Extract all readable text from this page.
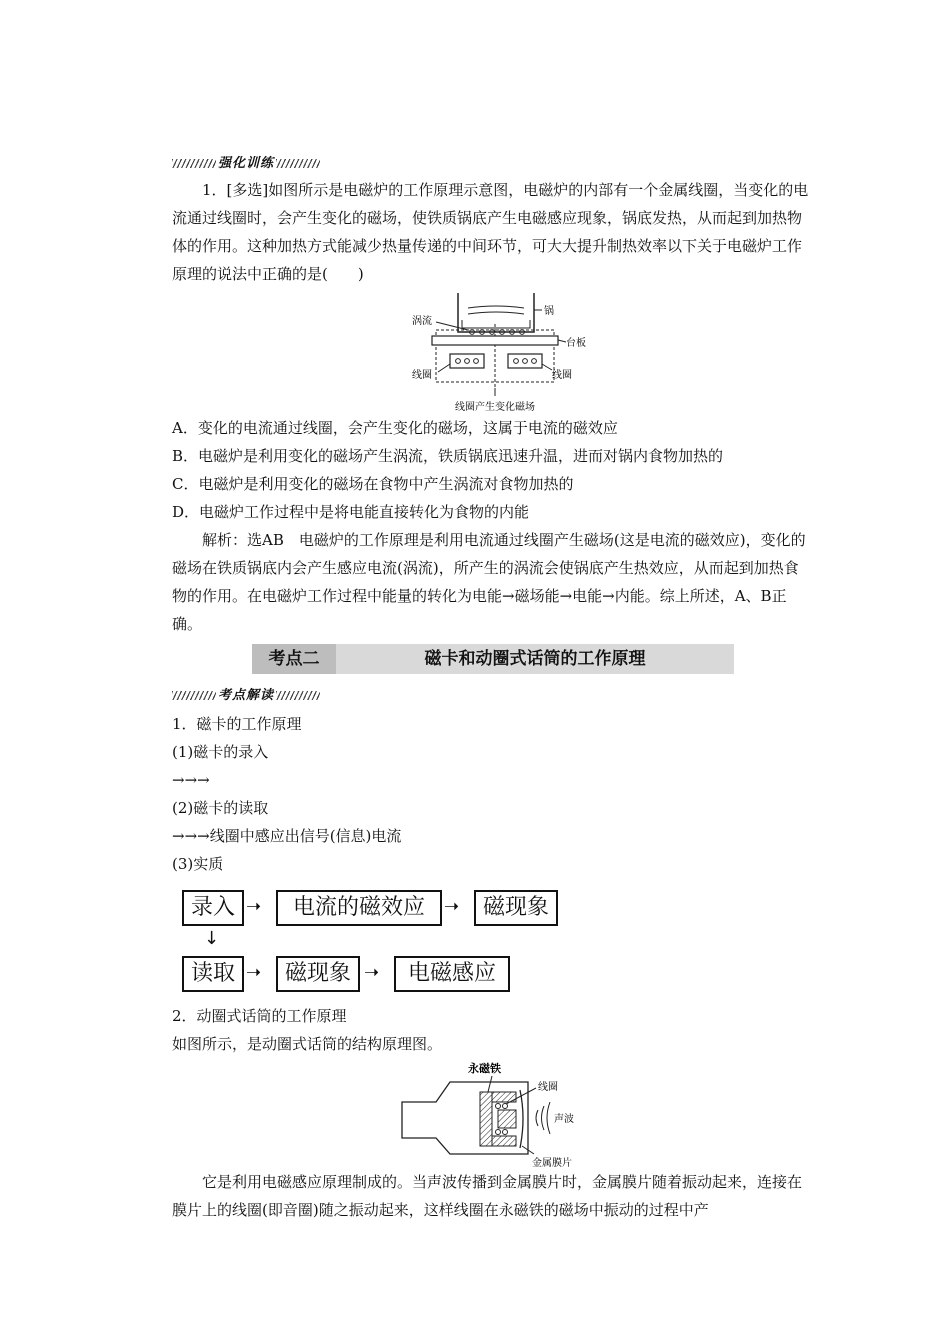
强化训练
1．[多选]如图所示是电磁炉的工作原理示意图，电磁炉的内部有一个金属线圈，当变化的电流通过线圈时，会产生变化的磁场，使铁质锅底产生电磁感应现象，锅底发热，从而起到加热物体的作用。这种加热方式能减少热量传递的中间环节，可大大提升制热效率以下关于电磁炉工作原理的说法中正确的是(　　)
锅
涡流
台板
线圈	线圈
线圈产生变化磁场
A．变化的电流通过线圈，会产生变化的磁场，这属于电流的磁效应
B．电磁炉是利用变化的磁场产生涡流，铁质锅底迅速升温，进而对锅内食物加热的
C．电磁炉是利用变化的磁场在食物中产生涡流对食物加热的
D．电磁炉工作过程中是将电能直接转化为食物的内能
解析：选AB　电磁炉的工作原理是利用电流通过线圈产生磁场(这是电流的磁效应)，变化的磁场在铁质锅底内会产生感应电流(涡流)，所产生的涡流会使锅底产生热效应，从而起到加热食物的作用。在电磁炉工作过程中能量的转化为电能→磁场能→电能→内能。综上所述，A、B正确。
考点二	磁卡和动圈式话筒的工作原理
考点解读
1．磁卡的工作原理
(1)磁卡的录入
→→→
(2)磁卡的读取
→→→线圈中感应出信号(信息)电流
(3)实质
录入 ➝	电流的磁效应	➝	磁现象
↓
读取 ➝	磁现象 ➝	电磁感应
2．动圈式话筒的工作原理
如图所示，是动圈式话筒的结构原理图。
永磁铁
线圈
声波
金属膜片
它是利用电磁感应原理制成的。当声波传播到金属膜片时，金属膜片随着振动起来，连接在膜片上的线圈(即音圈)随之振动起来，这样线圈在永磁铁的磁场中振动的过程中产
